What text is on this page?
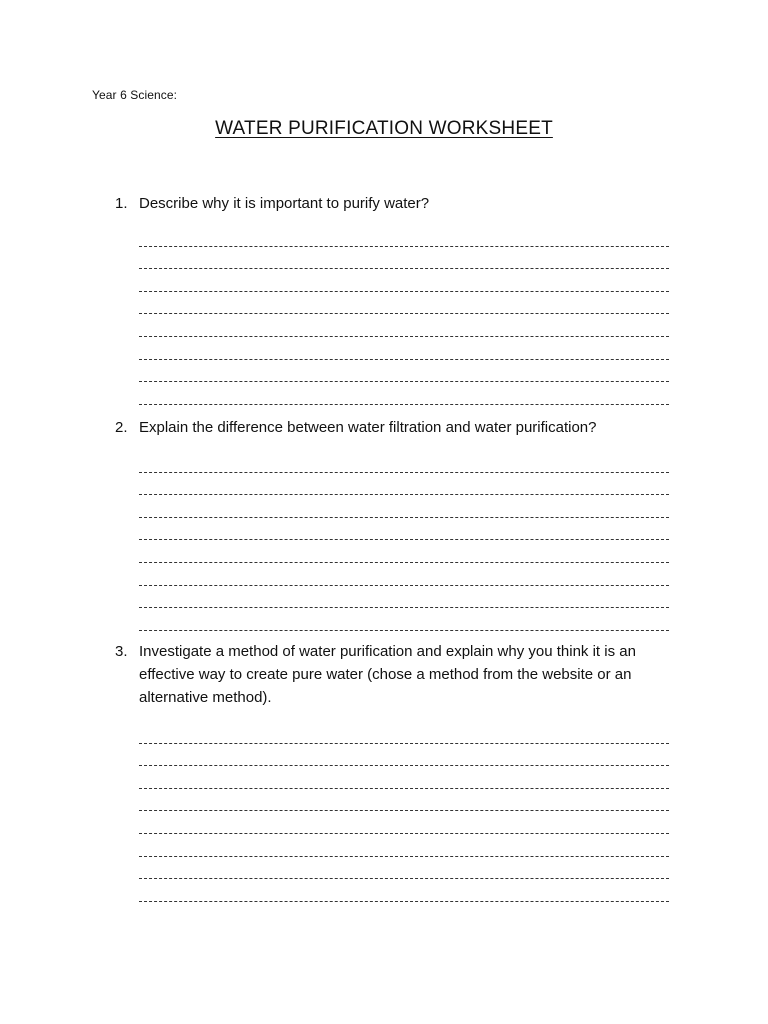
Year 6 Science:
WATER PURIFICATION WORKSHEET
1. Describe why it is important to purify water?
2. Explain the difference between water filtration and water purification?
3. Investigate a method of water purification and explain why you think it is an effective way to create pure water (chose a method from the website or an alternative method).
